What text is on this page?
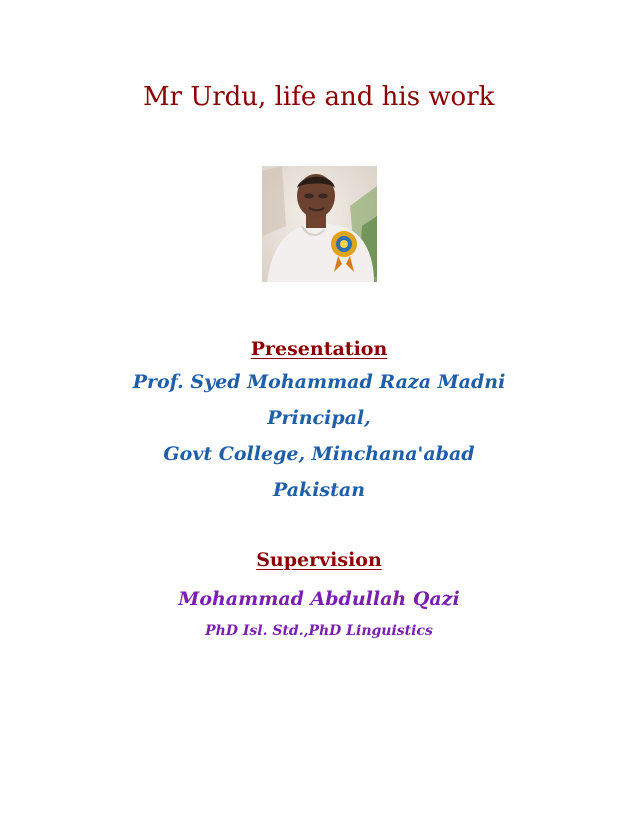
Mr Urdu, life and his work
Presentation
Prof. Syed Mohammad Raza Madni
Principal,
Govt College, Minchana'abad
Pakistan
Supervision
Mohammad Abdullah Qazi
PhD Isl. Std.,PhD Linguistics
